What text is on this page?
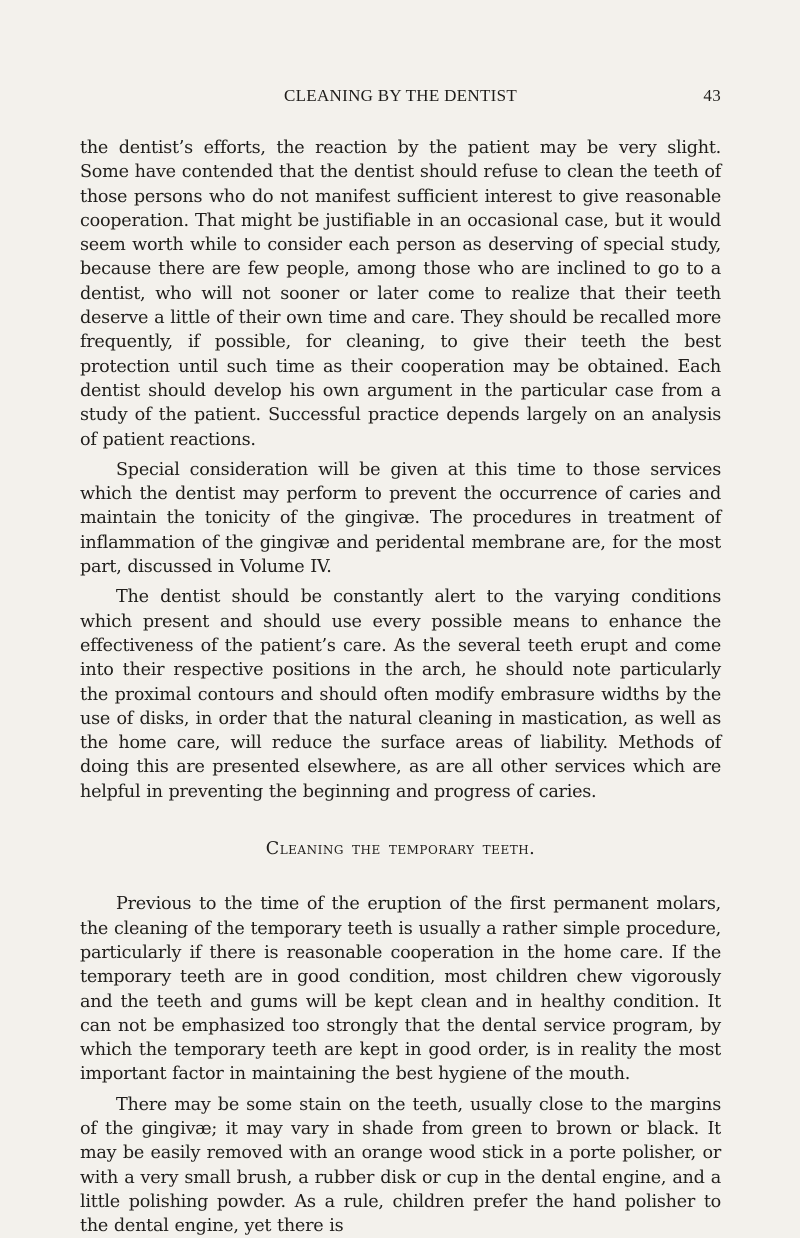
CLEANING BY THE DENTIST	43

the dentist’s efforts, the reaction by the patient may be very slight. Some have contended that the dentist should refuse to clean the teeth of those persons who do not manifest sufficient interest to give reasonable cooperation. That might be justifiable in an occasional case, but it would seem worth while to consider each person as deserving of special study, because there are few people, among those who are inclined to go to a dentist, who will not sooner or later come to realize that their teeth deserve a little of their own time and care. They should be recalled more frequently, if possible, for cleaning, to give their teeth the best protection until such time as their cooperation may be obtained. Each dentist should develop his own argument in the particular case from a study of the patient. Successful practice depends largely on an analysis of patient reactions.

Special consideration will be given at this time to those services which the dentist may perform to prevent the occurrence of caries and maintain the tonicity of the gingivæ. The procedures in treatment of inflammation of the gingivæ and peridental membrane are, for the most part, discussed in Volume IV.

The dentist should be constantly alert to the varying conditions which present and should use every possible means to enhance the effectiveness of the patient’s care. As the several teeth erupt and come into their respective positions in the arch, he should note particularly the proximal contours and should often modify embrasure widths by the use of disks, in order that the natural cleaning in mastication, as well as the home care, will reduce the surface areas of liability. Methods of doing this are presented elsewhere, as are all other services which are helpful in preventing the beginning and progress of caries.

Cleaning the temporary teeth.

Previous to the time of the eruption of the first permanent molars, the cleaning of the temporary teeth is usually a rather simple procedure, particularly if there is reasonable cooperation in the home care. If the temporary teeth are in good condition, most children chew vigorously and the teeth and gums will be kept clean and in healthy condition. It can not be emphasized too strongly that the dental service program, by which the temporary teeth are kept in good order, is in reality the most important factor in maintaining the best hygiene of the mouth.

There may be some stain on the teeth, usually close to the margins of the gingivæ; it may vary in shade from green to brown or black. It may be easily removed with an orange wood stick in a porte polisher, or with a very small brush, a rubber disk or cup in the dental engine, and a little polishing powder. As a rule, children prefer the hand polisher to the dental engine, yet there is
